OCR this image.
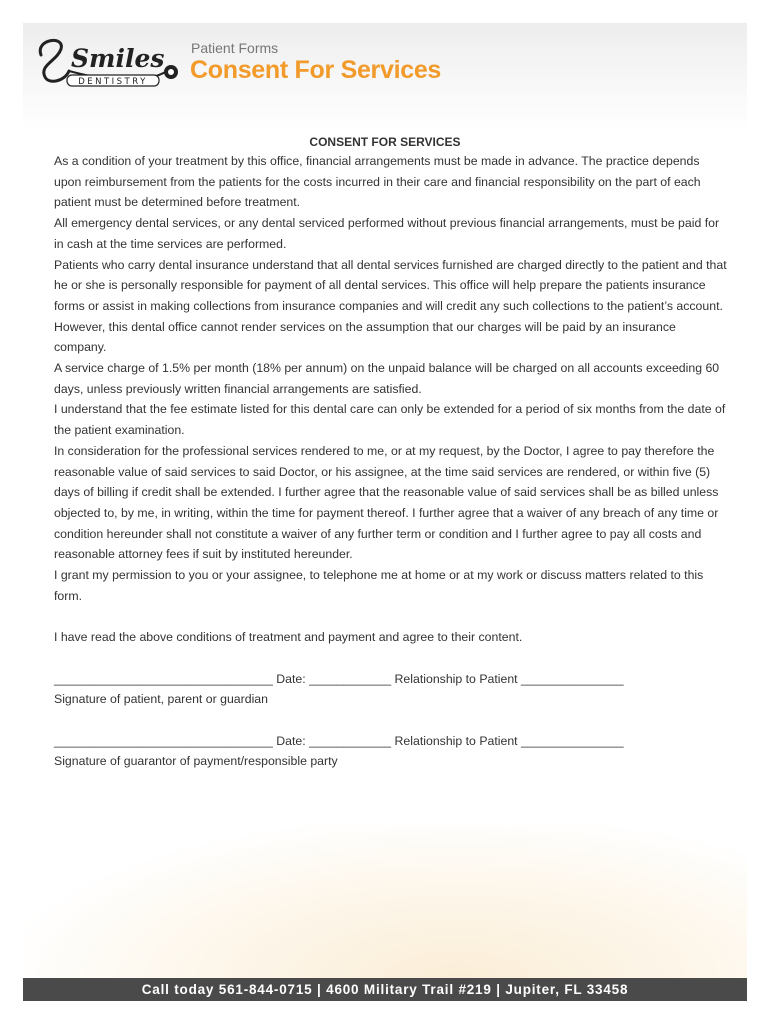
Smiles
DENTISTRY
Patient Forms
Consent For Services
CONSENT FOR SERVICES

As a condition of your treatment by this office, financial arrangements must be made in advance. The practice depends upon reimbursement from the patients for the costs incurred in their care and financial responsibility on the part of each patient must be determined before treatment.

All emergency dental services, or any dental serviced performed without previous financial arrangements, must be paid for in cash at the time services are performed.

Patients who carry dental insurance understand that all dental services furnished are charged directly to the patient and that he or she is personally responsible for payment of all dental services. This office will help prepare the patients insurance forms or assist in making collections from insurance companies and will credit any such collections to the patient’s account. However, this dental office cannot render services on the assumption that our charges will be paid by an insurance company.

A service charge of 1.5% per month (18% per annum) on the unpaid balance will be charged on all accounts exceeding 60 days, unless previously written financial arrangements are satisfied.

I understand that the fee estimate listed for this dental care can only be extended for a period of six months from the date of the patient examination.

In consideration for the professional services rendered to me, or at my request, by the Doctor, I agree to pay therefore the reasonable value of said services to said Doctor, or his assignee, at the time said services are rendered, or within five (5) days of billing if credit shall be extended. I further agree that the reasonable value of said services shall be as billed unless objected to, by me, in writing, within the time for payment thereof. I further agree that a waiver of any breach of any time or condition hereunder shall not constitute a waiver of any further term or condition and I further agree to pay all costs and reasonable attorney fees if suit by instituted hereunder.

I grant my permission to you or your assignee, to telephone me at home or at my work or discuss matters related to this form.

I have read the above conditions of treatment and payment and agree to their content.

________________________________ Date: ____________ Relationship to Patient _______________

Signature of patient, parent or guardian

________________________________ Date: ____________ Relationship to Patient _______________

Signature of guarantor of payment/responsible party

Call today 561-844-0715 | 4600 Military Trail #219 | Jupiter, FL 33458
